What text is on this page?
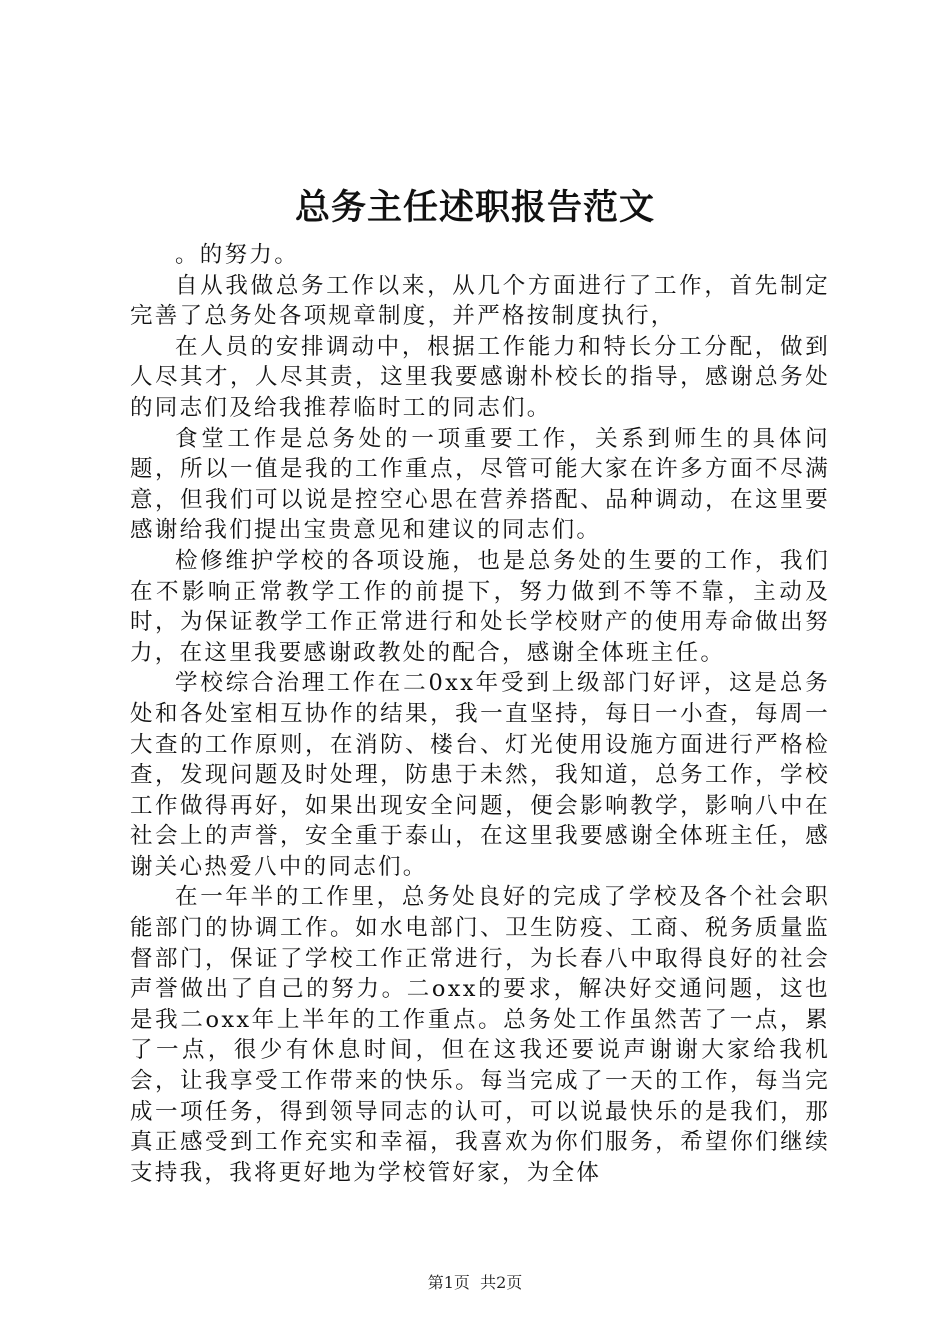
总务主任述职报告范文

。的努力。

自从我做总务工作以来，从几个方面进行了工作，首先制定完善了总务处各项规章制度，并严格按制度执行，

在人员的安排调动中，根据工作能力和特长分工分配，做到人尽其才，人尽其责，这里我要感谢朴校长的指导，感谢总务处的同志们及给我推荐临时工的同志们。

食堂工作是总务处的一项重要工作，关系到师生的具体问题，所以一值是我的工作重点，尽管可能大家在许多方面不尽满意，但我们可以说是控空心思在营养搭配、品种调动，在这里要感谢给我们提出宝贵意见和建议的同志们。

检修维护学校的各项设施，也是总务处的生要的工作，我们在不影响正常教学工作的前提下，努力做到不等不靠，主动及时，为保证教学工作正常进行和处长学校财产的使用寿命做出努力，在这里我要感谢政教处的配合，感谢全体班主任。

学校综合治理工作在二0xx年受到上级部门好评，这是总务处和各处室相互协作的结果，我一直坚持，每日一小查，每周一大查的工作原则，在消防、楼台、灯光使用设施方面进行严格检查，发现问题及时处理，防患于未然，我知道，总务工作，学校工作做得再好，如果出现安全问题，便会影响教学，影响八中在社会上的声誉，安全重于泰山，在这里我要感谢全体班主任，感谢关心热爱八中的同志们。

在一年半的工作里，总务处良好的完成了学校及各个社会职能部门的协调工作。如水电部门、卫生防疫、工商、税务质量监督部门，保证了学校工作正常进行，为长春八中取得良好的社会声誉做出了自己的努力。二oxx的要求，解决好交通问题，这也是我二oxx年上半年的工作重点。总务处工作虽然苦了一点，累了一点，很少有休息时间，但在这我还要说声谢谢大家给我机会，让我享受工作带来的快乐。每当完成了一天的工作，每当完成一项任务，得到领导同志的认可，可以说最快乐的是我们，那真正感受到工作充实和幸福，我喜欢为你们服务，希望你们继续支持我，我将更好地为学校管好家，为全体

第1页  共2页
